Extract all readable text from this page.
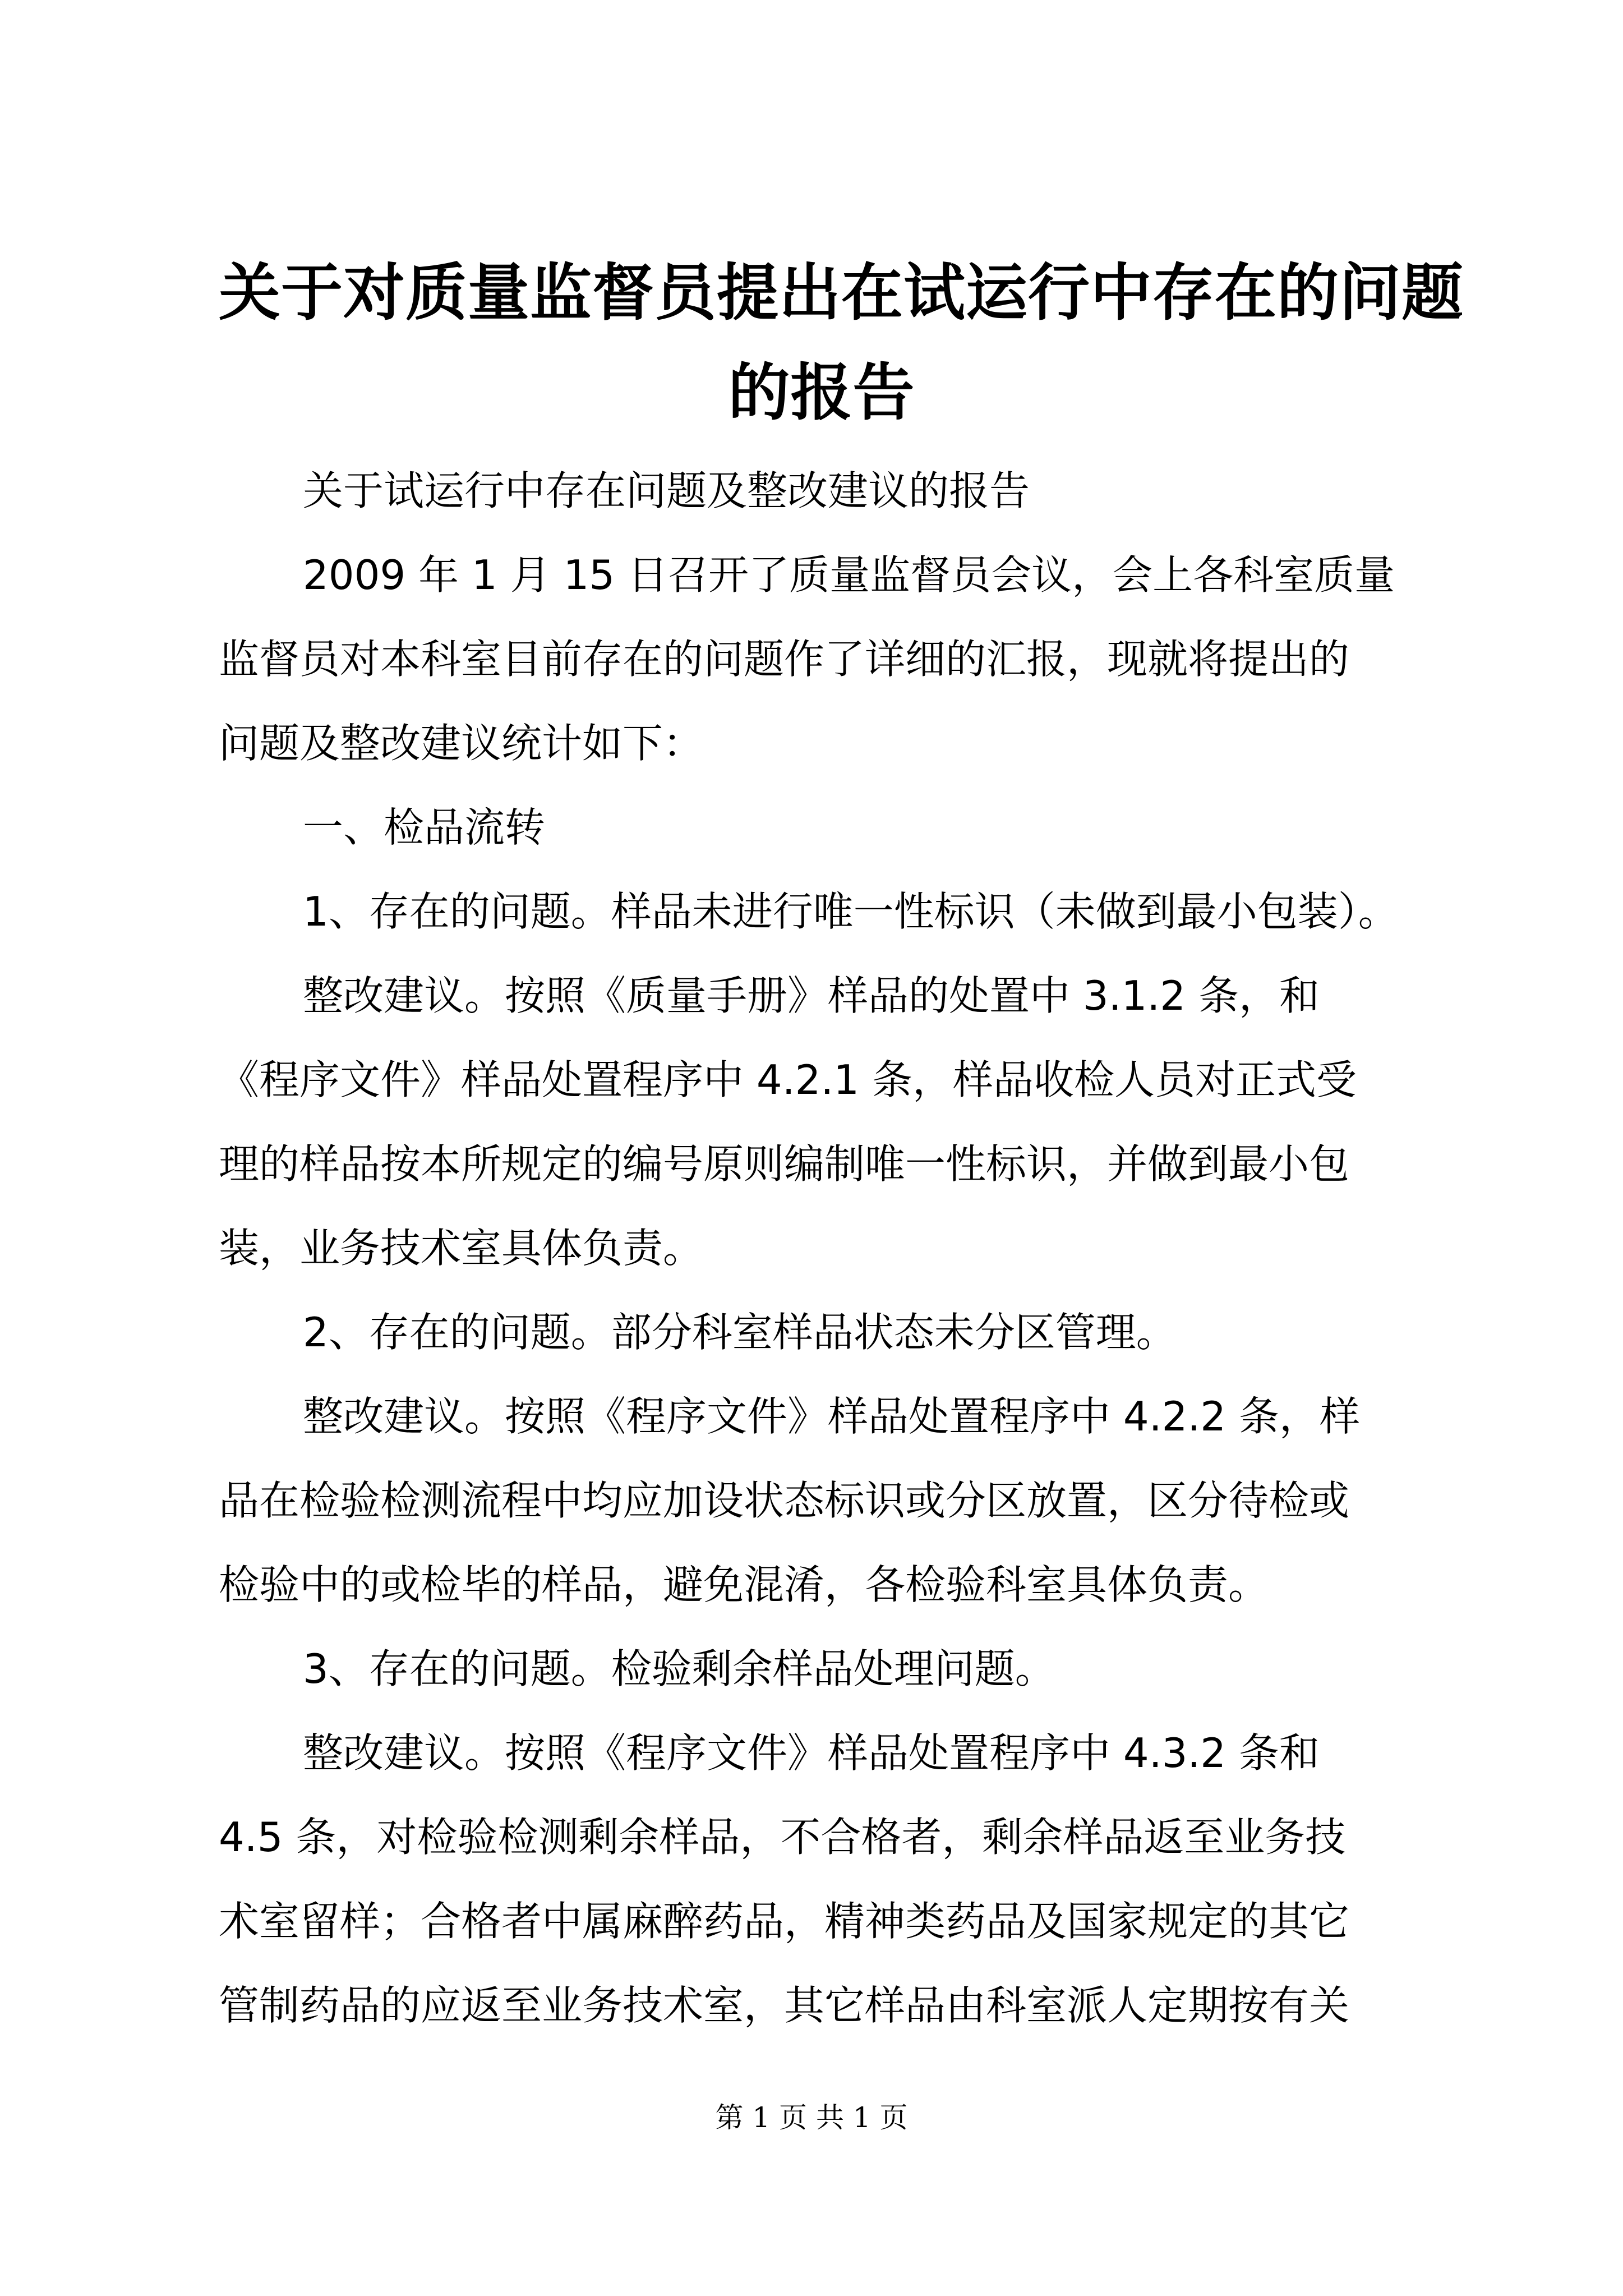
关于对质量监督员提出在试运行中存在的问题
的报告
关于试运行中存在问题及整改建议的报告
2009 年 1 月 15 日召开了质量监督员会议，会上各科室质量
监督员对本科室目前存在的问题作了详细的汇报，现就将提出的
问题及整改建议统计如下：
一、检品流转
1、存在的问题。样品未进行唯一性标识（未做到最小包装）。
整改建议。按照《质量手册》样品的处置中 3.1.2 条，和
《程序文件》样品处置程序中 4.2.1 条，样品收检人员对正式受
理的样品按本所规定的编号原则编制唯一性标识，并做到最小包
装，业务技术室具体负责。
2、存在的问题。部分科室样品状态未分区管理。
整改建议。按照《程序文件》样品处置程序中 4.2.2 条，样
品在检验检测流程中均应加设状态标识或分区放置，区分待检或
检验中的或检毕的样品，避免混淆，各检验科室具体负责。
3、存在的问题。检验剩余样品处理问题。
整改建议。按照《程序文件》样品处置程序中 4.3.2 条和
4.5 条，对检验检测剩余样品，不合格者，剩余样品返至业务技
术室留样；合格者中属麻醉药品，精神类药品及国家规定的其它
管制药品的应返至业务技术室，其它样品由科室派人定期按有关
第 1 页 共 1 页
